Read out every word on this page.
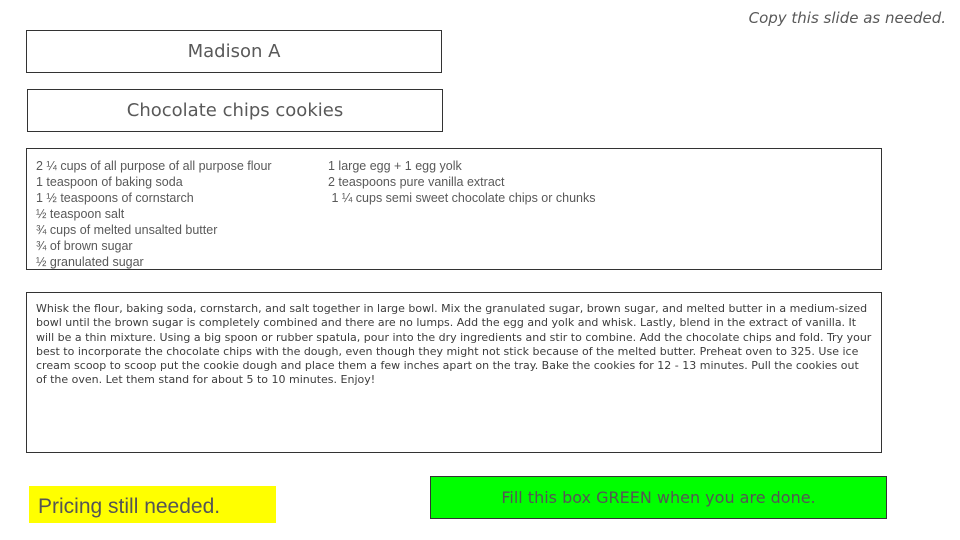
Copy this slide as needed.
Madison A
Chocolate chips cookies
2 ¼ cups of all purpose of all purpose flour
1 teaspoon of baking soda
1 ½ teaspoons of cornstarch
½ teaspoon salt
¾ cups of melted unsalted butter
¾ of brown sugar
½ granulated sugar
1 large egg + 1 egg yolk
2 teaspoons pure vanilla extract
1 ¼ cups semi sweet chocolate chips or chunks
Whisk the flour, baking soda, cornstarch, and salt together in large bowl. Mix the granulated sugar, brown sugar, and melted butter in a medium-sized bowl until the brown sugar is completely combined and there are no lumps. Add the egg and yolk and whisk. Lastly, blend in the extract of vanilla. It will be a thin mixture. Using a big spoon or rubber spatula, pour into the dry ingredients and stir to combine. Add the chocolate chips and fold. Try your best to incorporate the chocolate chips with the dough, even though they might not stick because of the melted butter. Preheat oven to 325. Use ice cream scoop to scoop put the cookie dough and place them a few inches apart on the tray. Bake the cookies for 12 - 13 minutes. Pull the cookies out of the oven. Let them stand for about 5 to 10 minutes. Enjoy!
Pricing still needed.	Fill this box GREEN when you are done.
